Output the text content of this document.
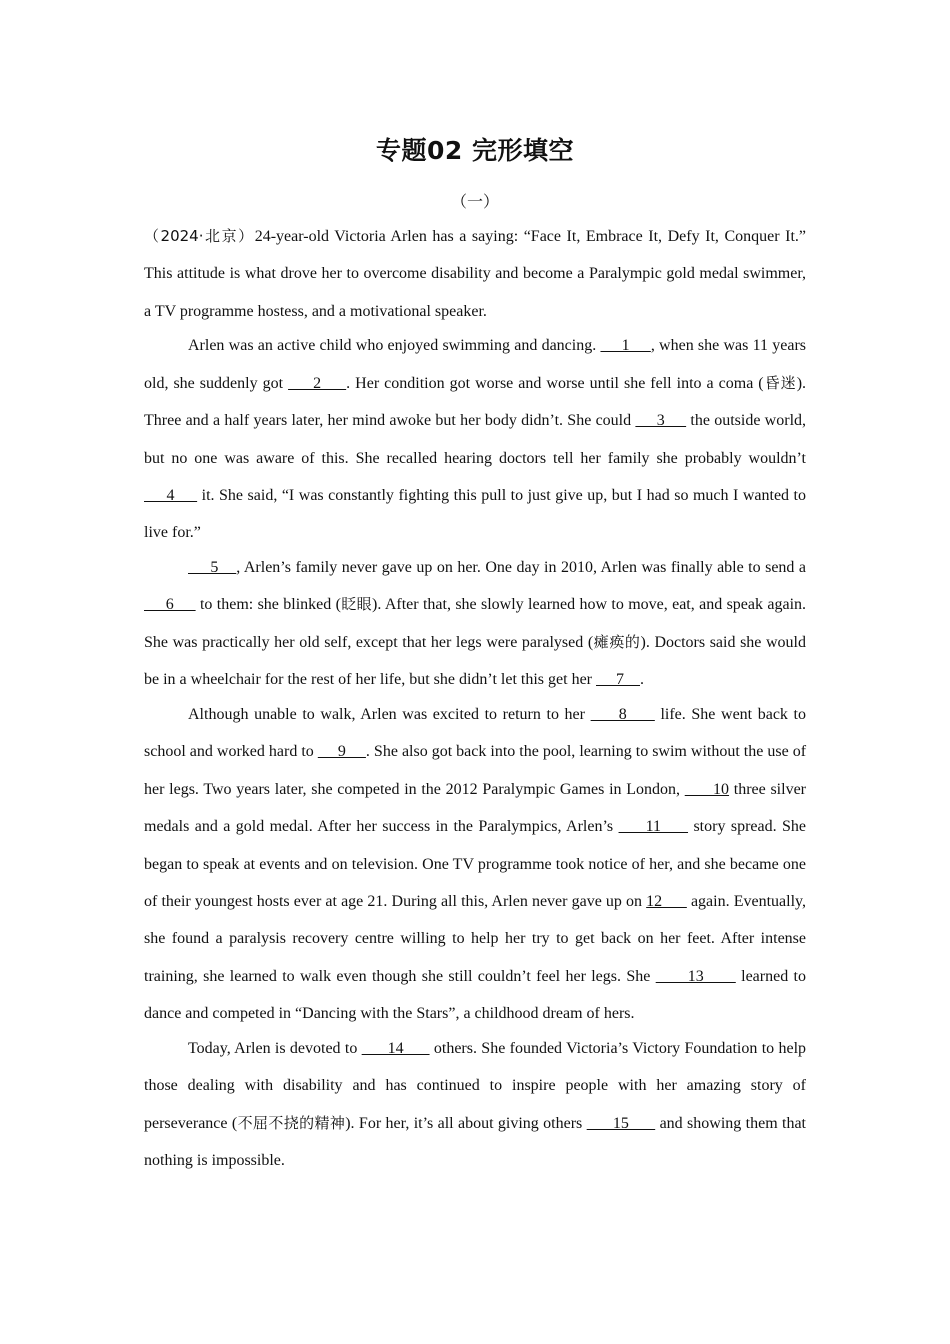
专题02 完形填空
（一）

（2024·北京）24-year-old Victoria Arlen has a saying: “Face It, Embrace It, Defy It, Conquer It.” This attitude is what drove her to overcome disability and become a Paralympic gold medal swimmer, a TV programme hostess, and a motivational speaker.

Arlen was an active child who enjoyed swimming and dancing.      1     , when she was 11 years old, she suddenly got      2     . Her condition got worse and worse until she fell into a coma (昏迷). Three and a half years later, her mind awoke but her body didn’t. She could      3      the outside world, but no one was aware of this. She recalled hearing doctors tell her family she probably wouldn’t      4      it. She said, “I was constantly fighting this pull to just give up, but I had so much I wanted to live for.”

5    , Arlen’s family never gave up on her. One day in 2010, Arlen was finally able to send a      6      to them: she blinked (眨眼). After that, she slowly learned how to move, eat, and speak again. She was practically her old self, except that her legs were paralysed (瘫痪的). Doctors said she would be in a wheelchair for the rest of her life, but she didn’t let this get her      7    .

Although unable to walk, Arlen was excited to return to her      8      life. She went back to school and worked hard to      9     . She also got back into the pool, learning to swim without the use of her legs. Two years later, she competed in the 2012 Paralympic Games in London,       10 three silver medals and a gold medal. After her success in the Paralympics, Arlen’s      11      story spread. She began to speak at events and on television. One TV programme took notice of her, and she became one of their youngest hosts ever at age 21. During all this, Arlen never gave up on 12       again. Eventually, she found a paralysis recovery centre willing to help her try to get back on her feet. After intense training, she learned to walk even though she still couldn’t feel her legs. She       13       learned to dance and competed in “Dancing with the Stars”, a childhood dream of hers.

Today, Arlen is devoted to       14       others. She founded Victoria’s Victory Foundation to help those dealing with disability and has continued to inspire people with her amazing story of perseverance (不屈不挠的精神). For her, it’s all about giving others       15       and showing them that nothing is impossible.
